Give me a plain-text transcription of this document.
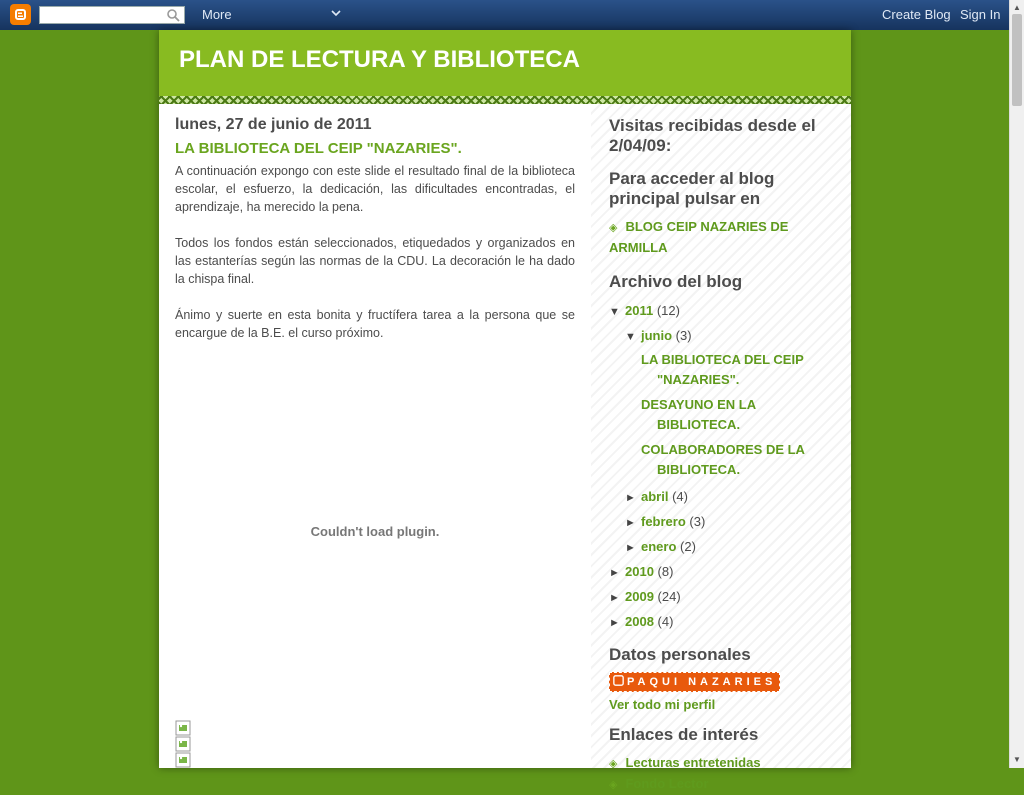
More	Create Blog Sign In ▲
▼
PLAN DE LECTURA Y BIBLIOTECA
lunes, 27 de junio de 2011
LA BIBLIOTECA DEL CEIP "NAZARIES".

A continuación expongo con este slide el resultado final de la biblioteca escolar, el esfuerzo, la dedicación, las dificultades encontradas, el aprendizaje, ha merecido la pena.

Todos los fondos están seleccionados, etiquedados y organizados en las estanterías según las normas de la CDU. La decoración le ha dado la chispa final.

Ánimo y suerte en esta bonita y fructífera tarea a la persona que se encargue de la B.E. el curso próximo.

Couldn't load plugin.
Visitas recibidas desde el 2/04/09:
Para acceder al blog principal pulsar en
◈ BLOG CEIP NAZARIES DE ARMILLA
Archivo del blog
▼ 2011 (12)
▼ junio (3)
LA BIBLIOTECA DEL CEIP "NAZARIES".
DESAYUNO EN LA BIBLIOTECA.
COLABORADORES DE LA BIBLIOTECA.
► abril (4)
► febrero (3)
► enero (2)
► 2010 (8)
► 2009 (24)
► 2008 (4)
Datos personales
PAQUI NAZARIES
Ver todo mi perfil
Enlaces de interés
◈ Lecturas entretenidas
◈ Fondo Lector
